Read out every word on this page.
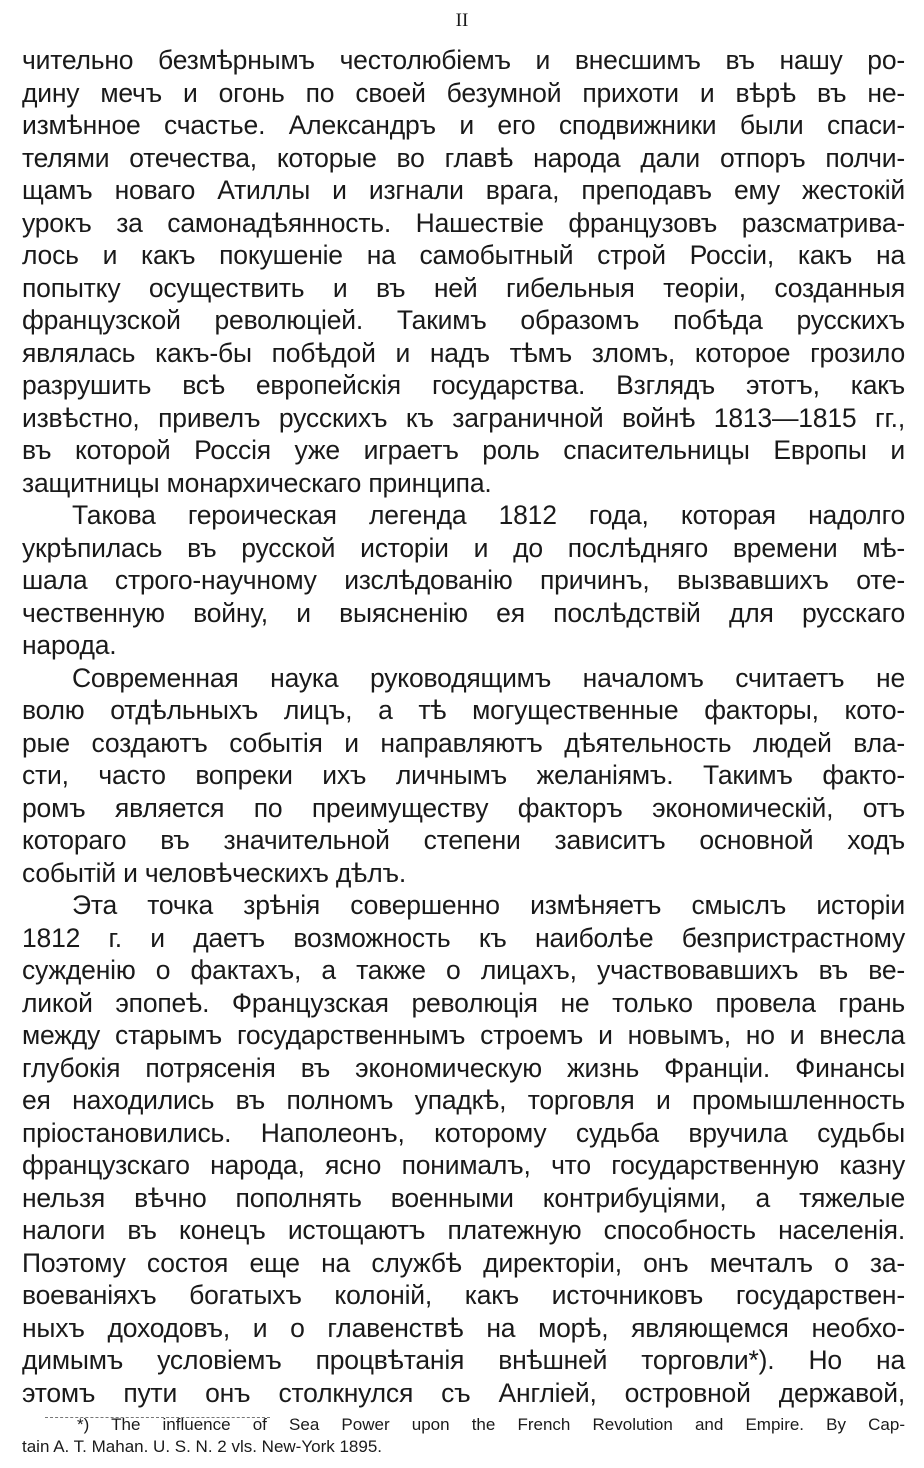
II
чительно безмѣрнымъ честолюбіемъ и внесшимъ въ нашу ро-
дину мечъ и огонь по своей безумной прихоти и вѣрѣ въ не-
измѣнное счастье. Александръ и его сподвижники были спаси-
телями отечества, которые во главѣ народа дали отпоръ полчи-
щамъ новаго Атиллы и изгнали врага, преподавъ ему жестокій
урокъ за самонадѣянность. Нашествіе французовъ разсматрива-
лось и какъ покушеніе на самобытный строй Россіи, какъ на
попытку осуществить и въ ней гибельныя теоріи, созданныя
французской революціей. Такимъ образомъ побѣда русскихъ
являлась какъ-бы побѣдой и надъ тѣмъ зломъ, которое грозило
разрушить всѣ европейскія государства. Взглядъ этотъ, какъ
извѣстно, привелъ русскихъ къ заграничной войнѣ 1813—1815 гг.,
въ которой Россія уже играетъ роль спасительницы Европы и
защитницы монархическаго принципа.
Такова героическая легенда 1812 года, которая надолго
укрѣпилась въ русской исторіи и до послѣдняго времени мѣ-
шала строго-научному изслѣдованію причинъ, вызвавшихъ оте-
чественную войну, и выясненію ея послѣдствій для русскаго
народа.
Современная наука руководящимъ началомъ считаетъ не
волю отдѣльныхъ лицъ, а тѣ могущественные факторы, кото-
рые создаютъ событія и направляютъ дѣятельность людей вла-
сти, часто вопреки ихъ личнымъ желаніямъ. Такимъ факто-
ромъ является по преимуществу факторъ экономическій, отъ
котораго въ значительной степени зависитъ основной ходъ
событій и человѣческихъ дѣлъ.
Эта точка зрѣнія совершенно измѣняетъ смыслъ исторіи
1812 г. и даетъ возможность къ наиболѣе безпристрастному
сужденію о фактахъ, а также о лицахъ, участвовавшихъ въ ве-
ликой эпопеѣ. Французская революція не только провела грань
между старымъ государственнымъ строемъ и новымъ, но и внесла
глубокія потрясенія въ экономическую жизнь Франціи. Финансы
ея находились въ полномъ упадкѣ, торговля и промышленность
пріостановились. Наполеонъ, которому судьба вручила судьбы
французскаго народа, ясно понималъ, что государственную казну
нельзя вѣчно пополнять военными контрибуціями, а тяжелые
налоги въ конецъ истощаютъ платежную способность населенія.
Поэтому состоя еще на службѣ директоріи, онъ мечталъ о за-
воеваніяхъ богатыхъ колоній, какъ источниковъ государствен-
ныхъ доходовъ, и о главенствѣ на морѣ, являющемся необхо-
димымъ условіемъ процвѣтанія внѣшней торговли*). Но на
этомъ пути онъ столкнулся съ Англіей, островной державой,
*) The influence of Sea Power upon the French Revolution and Empire. By Cap-
tain A. T. Mahan. U. S. N. 2 vls. New-York 1895.
